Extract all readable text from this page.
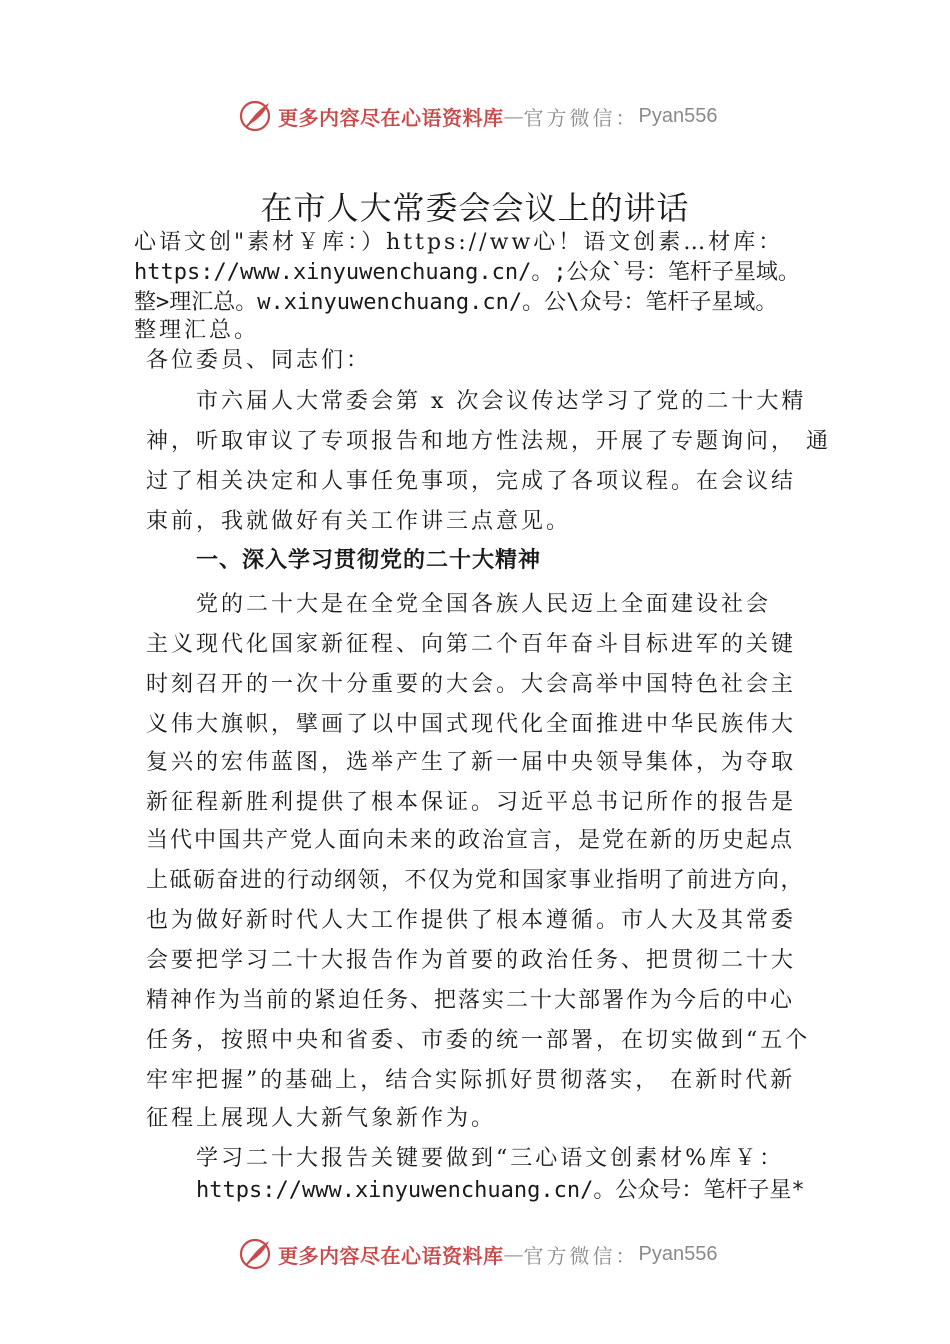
更多内容尽在心语资料库 — 官方微信： Pyan556
在市人大常委会会议上的讲话
心语文创"素材￥库：）https://ww心！语文创素…材库：
https://www.xinyuwenchuang.cn/。;公众`号：笔杆子星域。
整>理汇总。w.xinyuwenchuang.cn/。公\众号：笔杆子星域。
整理汇总。
各位委员、同志们：
市六届人大常委会第 x 次会议传达学习了党的二十大精
神，听取审议了专项报告和地方性法规，开展了专题询问， 通
过了相关决定和人事任免事项，完成了各项议程。在会议结
束前，我就做好有关工作讲三点意见。
一、深入学习贯彻党的二十大精神
党的二十大是在全党全国各族人民迈上全面建设社会
主义现代化国家新征程、向第二个百年奋斗目标进军的关键
时刻召开的一次十分重要的大会。大会高举中国特色社会主
义伟大旗帜，擘画了以中国式现代化全面推进中华民族伟大
复兴的宏伟蓝图，选举产生了新一届中央领导集体，为夺取
新征程新胜利提供了根本保证。习近平总书记所作的报告是
当代中国共产党人面向未来的政治宣言，是党在新的历史起点
上砥砺奋进的行动纲领，不仅为党和国家事业指明了前进方向，
也为做好新时代人大工作提供了根本遵循。市人大及其常委
会要把学习二十大报告作为首要的政治任务、把贯彻二十大
精神作为当前的紧迫任务、把落实二十大部署作为今后的中心
任务，按照中央和省委、市委的统一部署，在切实做到“五个
牢牢把握”的基础上，结合实际抓好贯彻落实， 在新时代新
征程上展现人大新气象新作为。
学习二十大报告关键要做到“三心语文创素材%库￥：
https://www.xinyuwenchuang.cn/。公众号：笔杆子星*
更多内容尽在心语资料库 — 官方微信： Pyan556
